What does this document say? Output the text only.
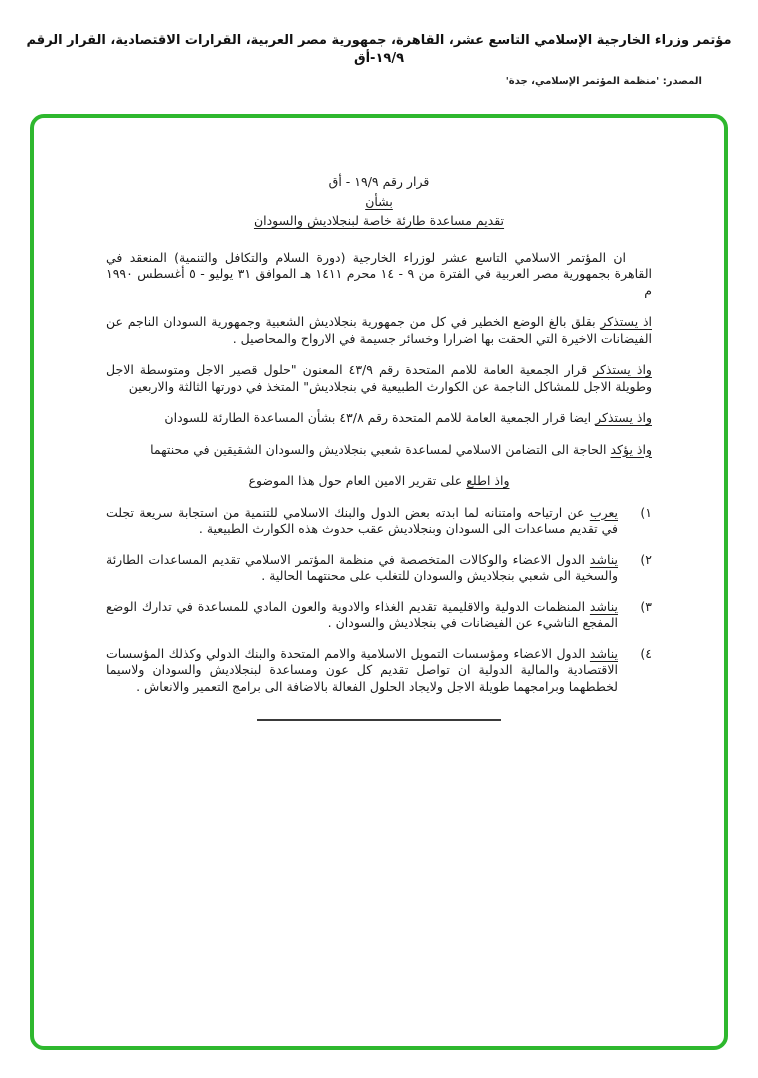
مؤتمر وزراء الخارجية الإسلامي التاسع عشر، القاهرة، جمهورية مصر العربية، القرارات الاقتصادية، القرار الرقم ١٩/٩-أق
المصدر: 'منظمة المؤتمر الإسلامي، جدة'
قرار رقم ١٩/٩ - أق
بشأن
تقديم مساعدة طارئة خاصة لبنجلاديش والسودان

ان المؤتمر الاسلامي التاسع عشر لوزراء الخارجية (دورة السلام والتكافل والتنمية) المنعقد في القاهرة بجمهورية مصر العربية في الفترة من ٩ - ١٤ محرم ١٤١١ هـ الموافق ٣١ يوليو - ٥ أغسطس ١٩٩٠ م

اذ يستذكر بقلق بالغ الوضع الخطير في كل من جمهورية بنجلاديش الشعبية وجمهورية السودان الناجم عن الفيضانات الاخيرة التي الحقت بها اضرارا وخسائر جسيمة في الارواح والمحاصيل .

واذ يستذكر قرار الجمعية العامة للامم المتحدة رقم ٤٣/٩ المعنون "حلول قصير الاجل ومتوسطة الاجل وطويلة الاجل للمشاكل الناجمة عن الكوارث الطبيعية في بنجلاديش" المتخذ في دورتها الثالثة والاربعين

واذ يستذكر ايضا قرار الجمعية العامة للامم المتحدة رقم ٤٣/٨ بشأن المساعدة الطارئة للسودان

واذ يؤكد الحاجة الى التضامن الاسلامي لمساعدة شعبي بنجلاديش والسودان الشقيقين في محنتهما

واذ اطلع على تقرير الامين العام حول هذا الموضوع

١)
يعرب عن ارتياحه وامتنانه لما ابدته بعض الدول والبنك الاسلامي للتنمية من استجابة سريعة تجلت في تقديم مساعدات الى السودان وبنجلاديش عقب حدوث هذه الكوارث الطبيعية .
٢)
يناشد الدول الاعضاء والوكالات المتخصصة في منظمة المؤتمر الاسلامي تقديم المساعدات الطارئة والسخية الى شعبي بنجلاديش والسودان للتغلب على محنتهما الحالية .
٣)
يناشد المنظمات الدولية والاقليمية تقديم الغذاء والادوية والعون المادي للمساعدة في تدارك الوضع المفجع الناشيء عن الفيضانات في بنجلاديش والسودان .
٤)
يناشد الدول الاعضاء ومؤسسات التمويل الاسلامية والامم المتحدة والبنك الدولي وكذلك المؤسسات الاقتصادية والمالية الدولية ان تواصل تقديم كل عون ومساعدة لبنجلاديش والسودان ولاسيما لخططهما وبرامجهما طويلة الاجل ولايجاد الحلول الفعالة بالاضافة الى برامج التعمير والانعاش .
